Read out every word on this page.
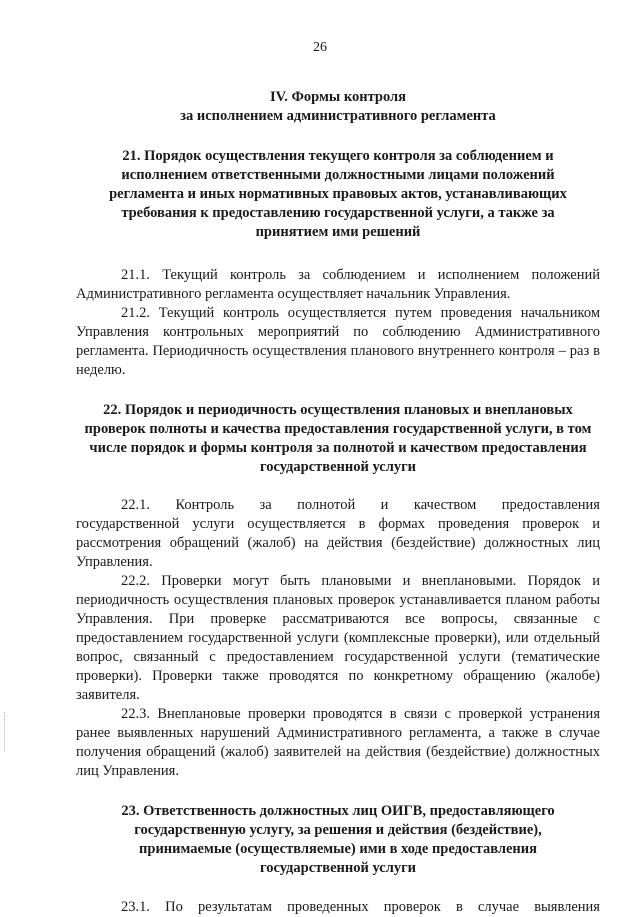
26
IV. Формы контроля
за исполнением административного регламента
21. Порядок осуществления текущего контроля за соблюдением и исполнением ответственными должностными лицами положений регламента и иных нормативных правовых актов, устанавливающих требования к предоставлению государственной услуги, а также за принятием ими решений

21.1. Текущий контроль за соблюдением и исполнением положений Административного регламента осуществляет начальник Управления.

21.2. Текущий контроль осуществляется путем проведения начальником Управления контрольных мероприятий по соблюдению Административного регламента. Периодичность осуществления планового внутреннего контроля – раз в неделю.

22. Порядок и периодичность осуществления плановых и внеплановых проверок полноты и качества предоставления государственной услуги, в том числе порядок и формы контроля за полнотой и качеством предоставления государственной услуги
22.1. Контроль за полнотой и качеством предоставления

государственной услуги осуществляется в формах проведения проверок и рассмотрения обращений (жалоб) на действия (бездействие) должностных лиц Управления.

22.2. Проверки могут быть плановыми и внеплановыми. Порядок и периодичность осуществления плановых проверок устанавливается планом работы Управления. При проверке рассматриваются все вопросы, связанные с предоставлением государственной услуги (комплексные проверки), или отдельный вопрос, связанный с предоставлением государственной услуги (тематические проверки). Проверки также проводятся по конкретному обращению (жалобе) заявителя.

22.3. Внеплановые проверки проводятся в связи с проверкой устранения ранее выявленных нарушений Административного регламента, а также в случае получения обращений (жалоб) заявителей на действия (бездействие) должностных лиц Управления.

23. Ответственность должностных лиц ОИГВ, предоставляющего государственную услугу, за решения и действия (бездействие), принимаемые (осуществляемые) ими в ходе предоставления государственной услуги
23.1. По результатам проведенных проверок в случае выявления
